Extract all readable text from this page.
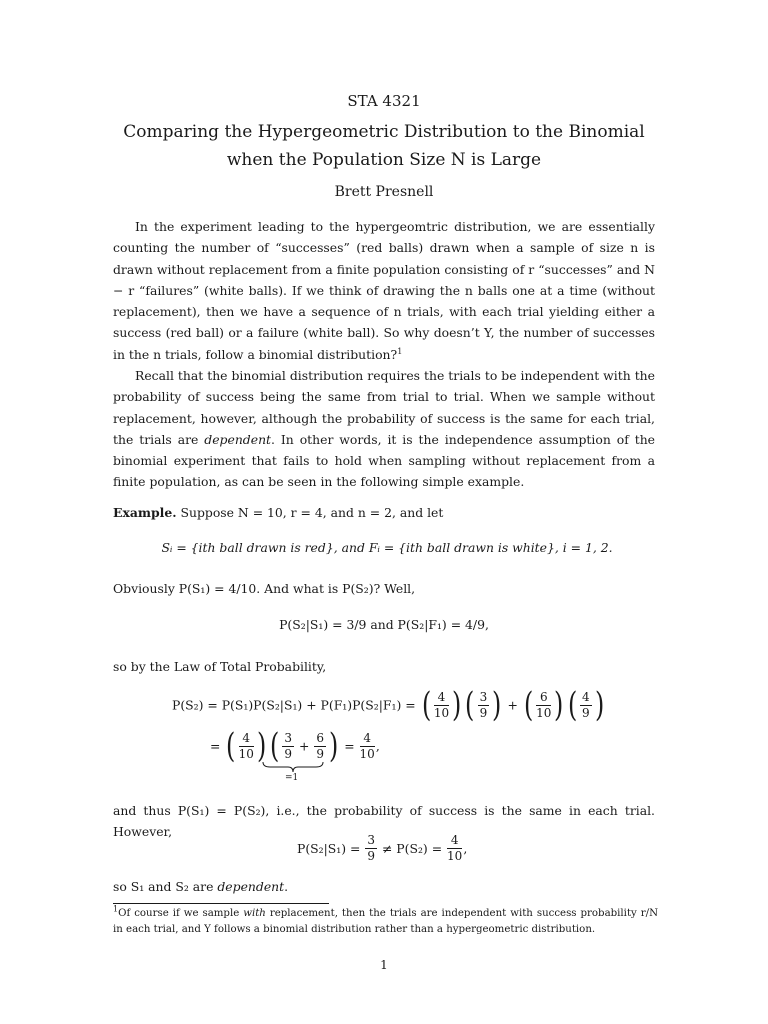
STA 4321
Comparing the Hypergeometric Distribution to the Binomial
when the Population Size N is Large
Brett Presnell
In the experiment leading to the hypergeomtric distribution, we are essentially counting the number of “successes” (red balls) drawn when a sample of size n is drawn without replacement from a finite population consisting of r “successes” and N − r “failures” (white balls). If we think of drawing the n balls one at a time (without replacement), then we have a sequence of n trials, with each trial yielding either a success (red ball) or a failure (white ball). So why doesn’t Y, the number of successes in the n trials, follow a binomial distribution?$^1$
Recall that the binomial distribution requires the trials to be independent with the probability of success being the same from trial to trial. When we sample without replacement, however, although the probability of success is the same for each trial, the trials are dependent. In other words, it is the independence assumption of the binomial experiment that fails to hold when sampling without replacement from a finite population, as can be seen in the following simple example.
Example. Suppose N = 10, r = 4, and n = 2, and let
Sᵢ = {ith ball drawn is red}, and Fᵢ = {ith ball drawn is white}, i = 1, 2.
Obviously P(S₁) = 4/10. And what is P(S₂)? Well,
P(S₂|S₁) = 3/9 and P(S₂|F₁) = 4/9,
so by the Law of Total Probability,
P(S₂) = P(S₁)P(S₂|S₁) + P(F₁)P(S₂|F₁) = ( $\frac{4}{10}$ ) ( $\frac{3}{9}$ ) + ( $\frac{6}{10}$ ) ( $\frac{4}{9}$ )
= ( $\frac{4}{10}$ ) ( $\frac{3}{9} + \frac{6}{9}$ ) = $\frac{4}{10}$ ,
=1
and thus P(S₁) = P(S₂), i.e., the probability of success is the same in each trial. However,
$P(S_2|S_1) = \frac{3}{9} \ne P(S_2) = \frac{4}{10}$ ,
so S₁ and S₂ are dependent.
$^1$Of course if we sample with replacement, then the trials are independent with success probability r/N in each trial, and Y follows a binomial distribution rather than a hypergeometric distribution.
1
